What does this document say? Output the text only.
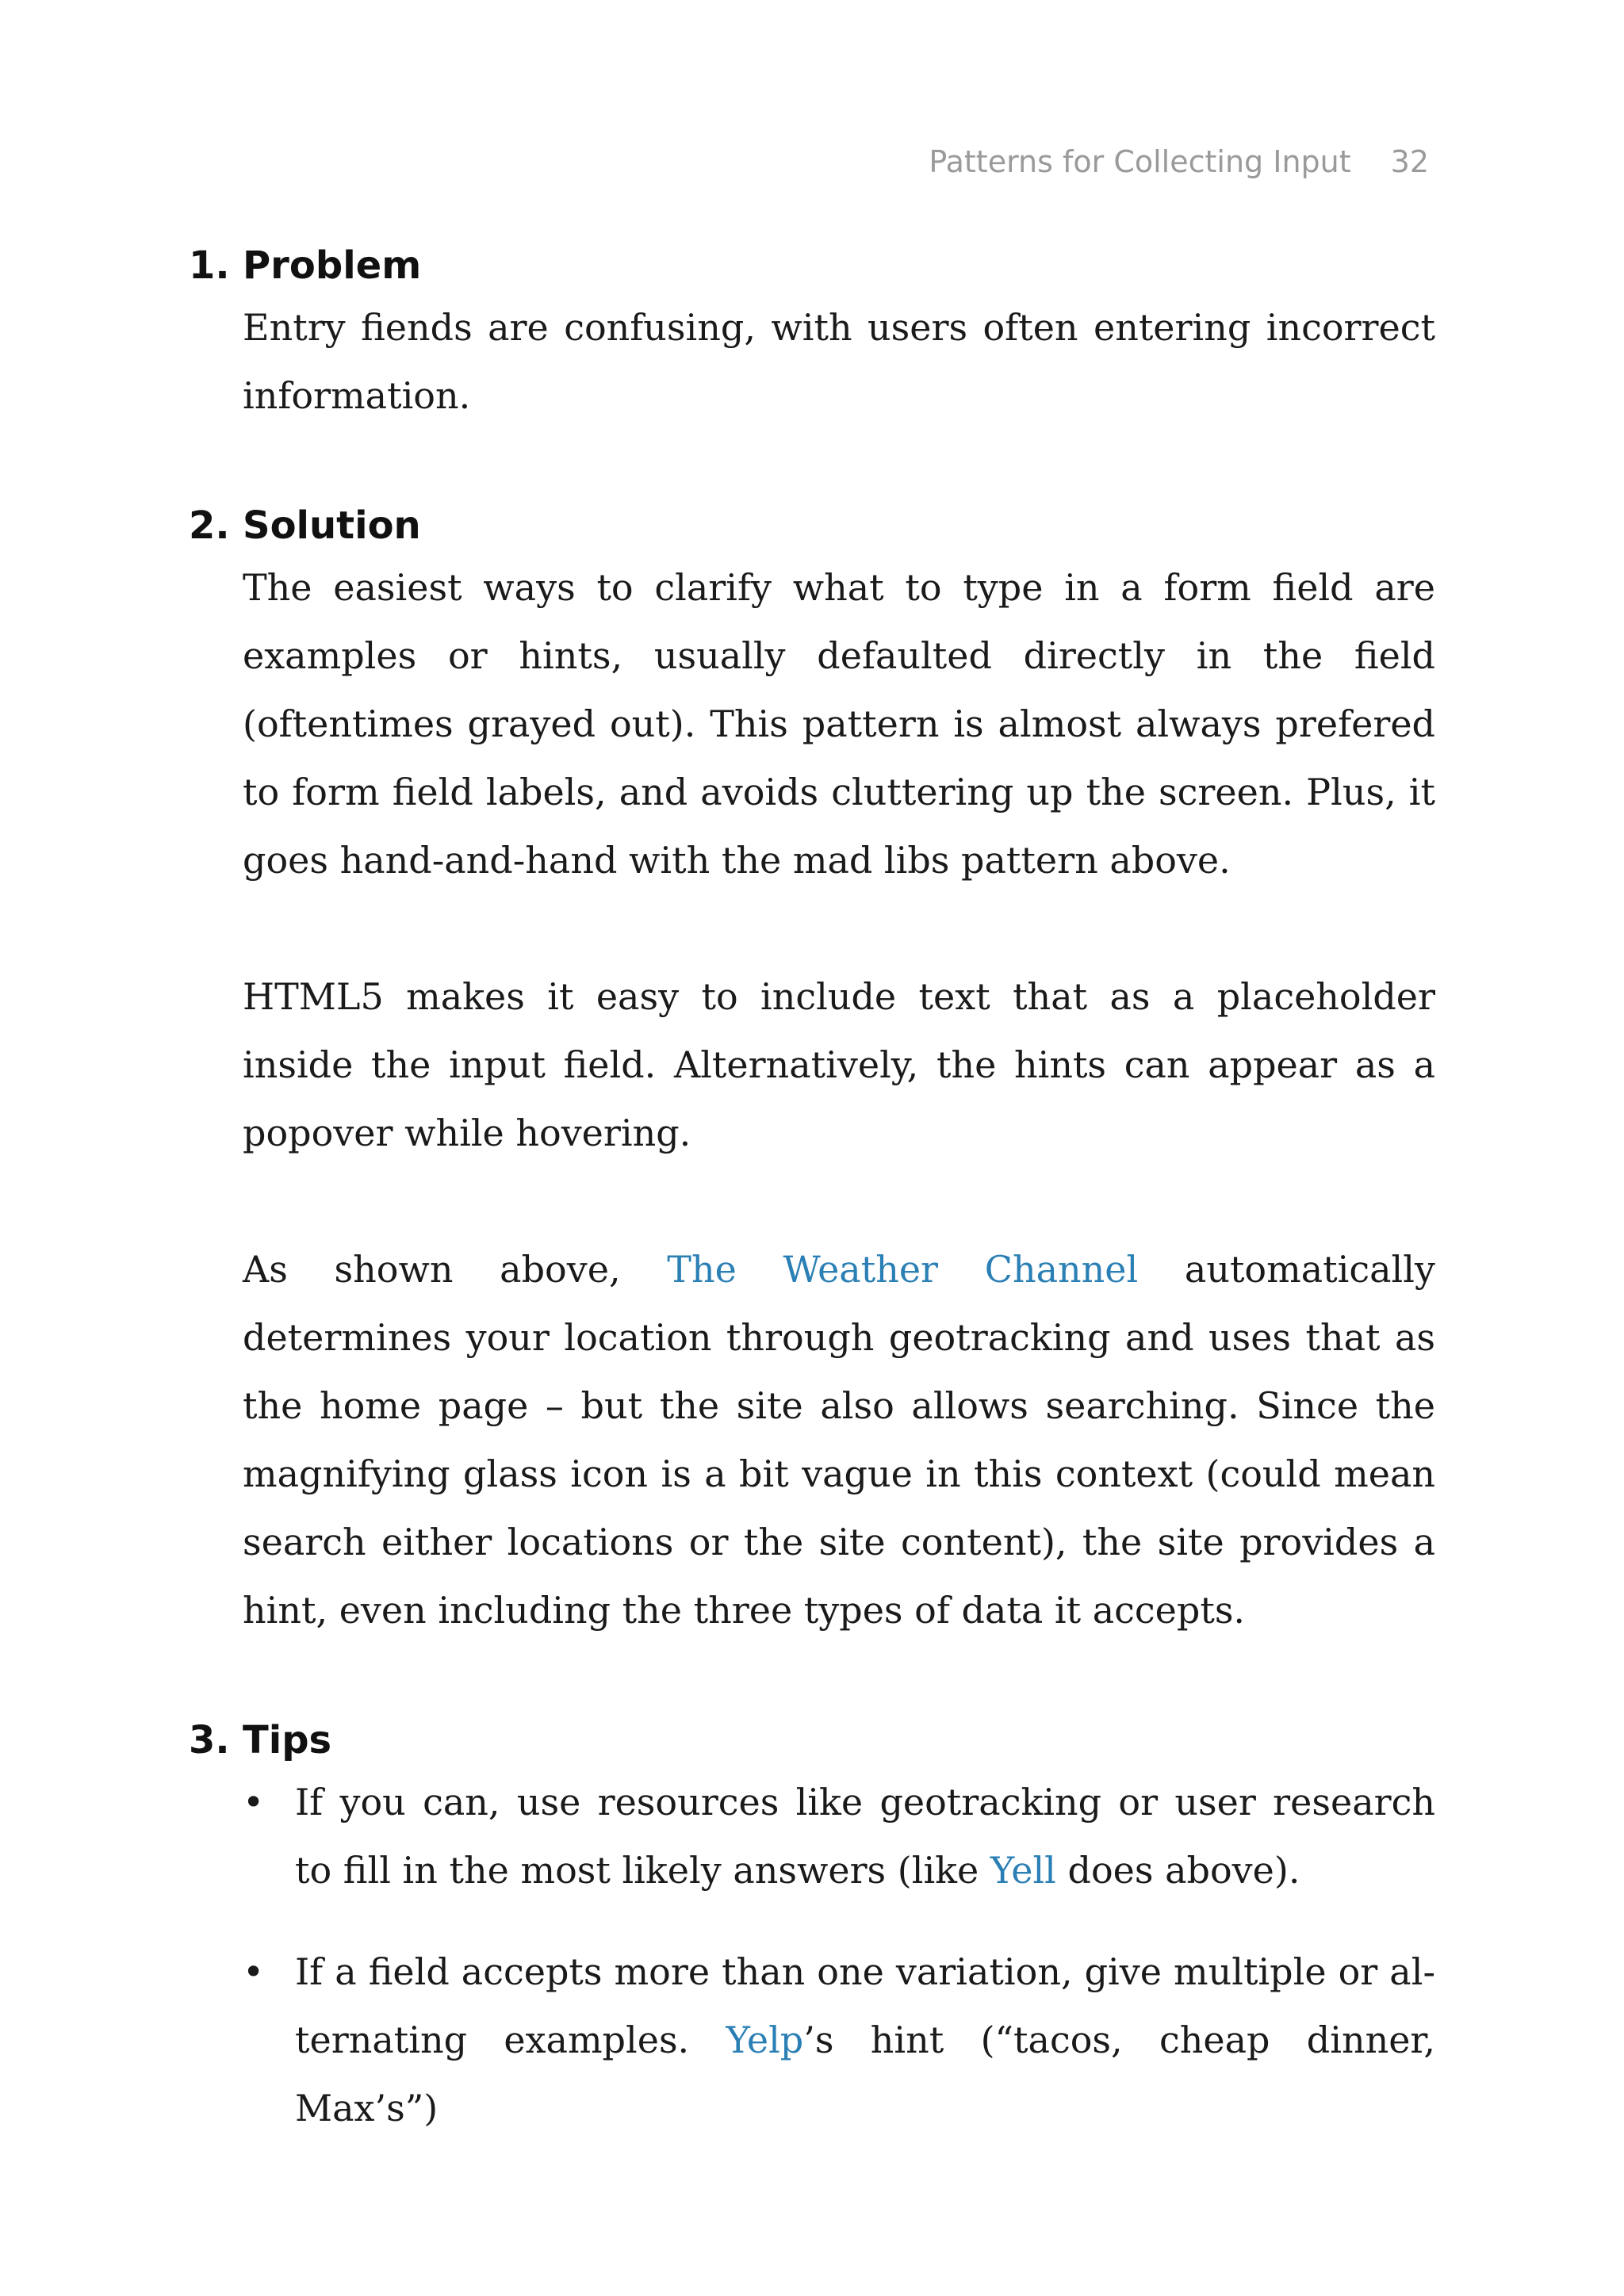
Patterns for Collecting Input 32
1. Problem

Entry fiends are confusing, with users often entering incorrect information.

2. Solution

The easiest ways to clarify what to type in a form field are examples or hints, usually defaulted directly in the field (oftentimes grayed out). This pattern is almost always prefered to form field labels, and avoids cluttering up the screen. Plus, it goes hand-and-hand with the mad libs pattern above.

HTML5 makes it easy to include text that as a placeholder inside the input field. Alternatively, the hints can appear as a popover while hovering.

As shown above, The Weather Channel automatically determines your location through geotracking and uses that as the home page – but the site also allows searching. Since the magnifying glass icon is a bit vague in this context (could mean search either locations or the site content), the site provides a hint, even including the three types of data it accepts.

3. Tips
• If you can, use resources like geotracking or user research to fill in the most likely answers (like Yell does above).
• If a field accepts more than one variation, give multiple or al-ternating examples. Yelp’s hint (“tacos, cheap dinner, Max’s”)
